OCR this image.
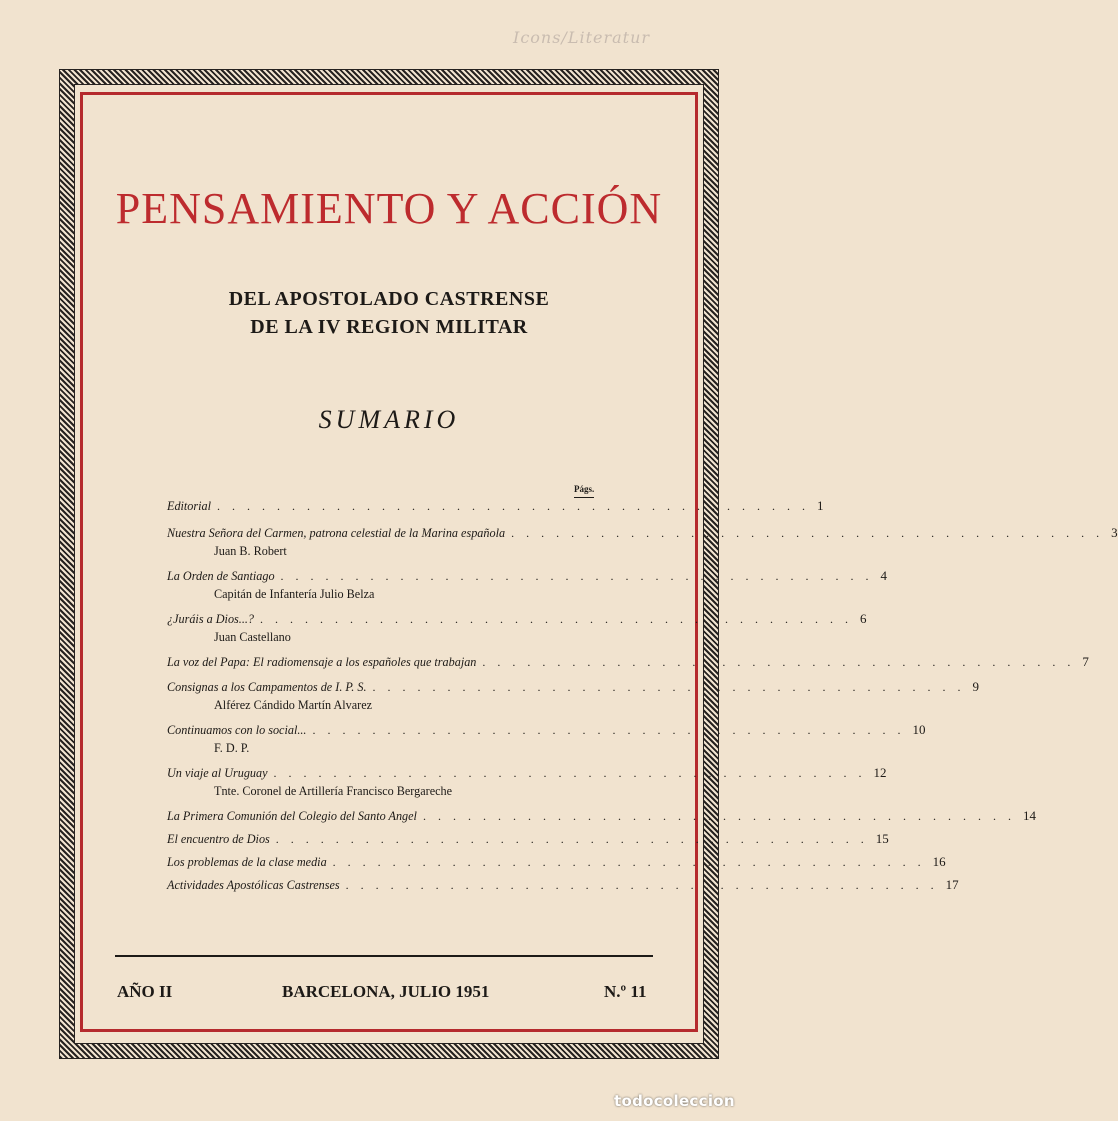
Icons/Literatur
PENSAMIENTO Y ACCIÓN
DEL APOSTOLADO CASTRENSE
DE LA IV REGION MILITAR
SUMARIO
Págs.
Editorial ........................................ 1
Nuestra Señora del Carmen, patrona celestial de la Marina española ........................................ 3
Juan B. Robert
La Orden de Santiago ........................................ 4
Capitán de Infantería Julio Belza
¿Juráis a Dios...? ........................................ 6
Juan Castellano
La voz del Papa: El radiomensaje a los españoles que trabajan ........................................ 7
Consignas a los Campamentos de I. P. S. ........................................ 9
Alférez Cándido Martín Alvarez
Continuamos con lo social... ........................................ 10
F. D. P.
Un viaje al Uruguay ........................................ 12
Tnte. Coronel de Artillería Francisco Bergareche
La Primera Comunión del Colegio del Santo Angel ........................................ 14
El encuentro de Dios ........................................ 15
Los problemas de la clase media ........................................ 16
Actividades Apostólicas Castrenses ........................................ 17
AÑO II	BARCELONA, JULIO 1951	N.º 11
todocoleccion
